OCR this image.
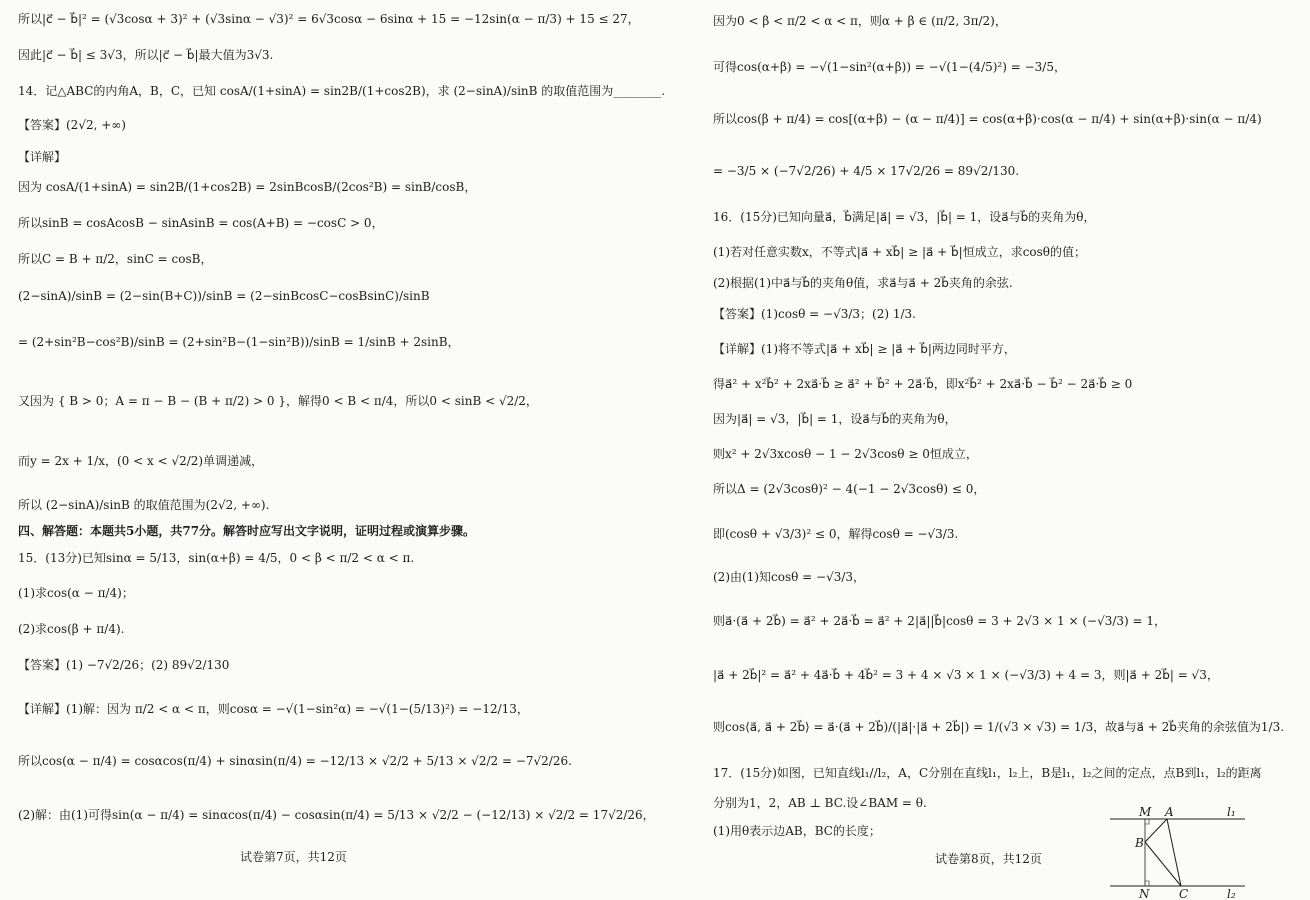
所以|c⃗ − b⃗|² = (√3cosα + 3)² + (√3sinα − √3)² = 6√3cosα − 6sinα + 15 = −12sin(α − π/3) + 15 ≤ 27，
因此|c⃗ − b⃗| ≤ 3√3，所以|c⃗ − b⃗|最大值为3√3.
14．记△ABC的内角A，B，C，已知 cosA/(1+sinA) = sin2B/(1+cos2B)，求 (2−sinA)/sinB 的取值范围为________.
【答案】(2√2, +∞)
【详解】
因为 cosA/(1+sinA) = sin2B/(1+cos2B) = 2sinBcosB/(2cos²B) = sinB/cosB，
所以sinB = cosAcosB − sinAsinB = cos(A+B) = −cosC > 0，
所以C = B + π/2，sinC = cosB，
(2−sinA)/sinB = (2−sin(B+C))/sinB = (2−sinBcosC−cosBsinC)/sinB
= (2+sin²B−cos²B)/sinB = (2+sin²B−(1−sin²B))/sinB = 1/sinB + 2sinB，
又因为 { B > 0；A = π − B − (B + π/2) > 0 }，解得0 < B < π/4，所以0 < sinB < √2/2，
而y = 2x + 1/x，(0 < x < √2/2)单调递减，
所以 (2−sinA)/sinB 的取值范围为(2√2, +∞).
四、解答题：本题共5小题，共77分。解答时应写出文字说明，证明过程或演算步骤。
15．(13分)已知sinα = 5/13，sin(α+β) = 4/5，0 < β < π/2 < α < π.
(1)求cos(α − π/4)；
(2)求cos(β + π/4).
【答案】(1) −7√2/26；(2) 89√2/130
【详解】(1)解：因为 π/2 < α < π，则cosα = −√(1−sin²α) = −√(1−(5/13)²) = −12/13，
所以cos(α − π/4) = cosαcos(π/4) + sinαsin(π/4) = −12/13 × √2/2 + 5/13 × √2/2 = −7√2/26.
(2)解：由(1)可得sin(α − π/4) = sinαcos(π/4) − cosαsin(π/4) = 5/13 × √2/2 − (−12/13) × √2/2 = 17√2/26，
试卷第7页，共12页
因为0 < β < π/2 < α < π，则α + β ∈ (π/2, 3π/2)，
可得cos(α+β) = −√(1−sin²(α+β)) = −√(1−(4/5)²) = −3/5，
所以cos(β + π/4) = cos[(α+β) − (α − π/4)] = cos(α+β)·cos(α − π/4) + sin(α+β)·sin(α − π/4)
= −3/5 × (−7√2/26) + 4/5 × 17√2/26 = 89√2/130.
16．(15分)已知向量a⃗，b⃗满足|a⃗| = √3，|b⃗| = 1，设a⃗与b⃗的夹角为θ，
(1)若对任意实数x，不等式|a⃗ + xb⃗| ≥ |a⃗ + b⃗|恒成立，求cosθ的值；
(2)根据(1)中a⃗与b⃗的夹角θ值，求a⃗与a⃗ + 2b⃗夹角的余弦.
【答案】(1)cosθ = −√3/3；(2) 1/3.
【详解】(1)将不等式|a⃗ + xb⃗| ≥ |a⃗ + b⃗|两边同时平方，
得a⃗² + x²b⃗² + 2xa⃗·b⃗ ≥ a⃗² + b⃗² + 2a⃗·b⃗，即x²b⃗² + 2xa⃗·b⃗ − b⃗² − 2a⃗·b⃗ ≥ 0
因为|a⃗| = √3，|b⃗| = 1，设a⃗与b⃗的夹角为θ，
则x² + 2√3xcosθ − 1 − 2√3cosθ ≥ 0恒成立，
所以Δ = (2√3cosθ)² − 4(−1 − 2√3cosθ) ≤ 0，
即(cosθ + √3/3)² ≤ 0，解得cosθ = −√3/3.
(2)由(1)知cosθ = −√3/3，
则a⃗·(a⃗ + 2b⃗) = a⃗² + 2a⃗·b⃗ = a⃗² + 2|a⃗||b⃗|cosθ = 3 + 2√3 × 1 × (−√3/3) = 1，
|a⃗ + 2b⃗|² = a⃗² + 4a⃗·b⃗ + 4b⃗² = 3 + 4 × √3 × 1 × (−√3/3) + 4 = 3，则|a⃗ + 2b⃗| = √3，
则cos⟨a⃗, a⃗ + 2b⃗⟩ = a⃗·(a⃗ + 2b⃗)/(|a⃗|·|a⃗ + 2b⃗|) = 1/(√3 × √3) = 1/3，故a⃗与a⃗ + 2b⃗夹角的余弦值为1/3.
17．(15分)如图，已知直线l₁//l₂，A，C分别在直线l₁，l₂上，B是l₁，l₂之间的定点，点B到l₁，l₂的距离
分别为1，2，AB ⊥ BC.设∠BAM = θ.
(1)用θ表示边AB，BC的长度；
试卷第8页，共12页
M A	l₁
B
N C	l₂
